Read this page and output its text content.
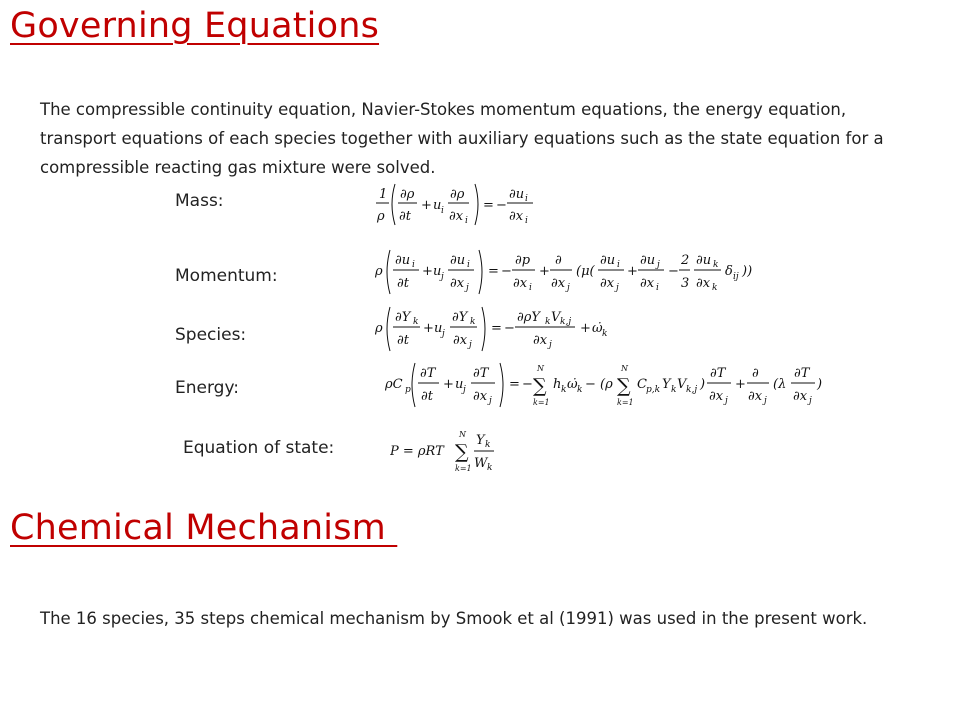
Governing Equations

The compressible continuity equation, Navier-Stokes momentum equations, the energy equation, transport equations of each species together with auxiliary equations such as the state equation for a compressible reacting gas mixture were solved.

Mass:
Momentum:
Species:
Energy:
Equation of state:
1
ρ
∂ρ
∂t
+ u i
∂ρ
∂x i
= −
∂u i
∂x i
ρ
∂u i
∂t
+ u j
∂u i
∂x j
= −
∂p
∂x i
+
∂
∂x j
(μ(
∂u i
∂x j
+
∂u j
∂x i
−
2
3
∂u k
∂x k
δ ij ))
ρ
∂Y k
∂t
+ u j
∂Y k
∂x j
= −
∂ρY k V k,j
∂x j
+ ω̇ k
ρC p
∂T
∂t
+ u j
∂T
∂x j
= −
N
∑
k=1
h k ω̇ k − (ρ
N
∑
k=1
C p,k Y k V k,j )
∂T
∂x j
+
∂
∂x j
(λ
∂T
∂x j
)
P = ρRT
N
∑
k=1
Y k
W k
Chemical Mechanism

The 16 species, 35 steps chemical mechanism by Smook et al (1991) was used in the present work.
